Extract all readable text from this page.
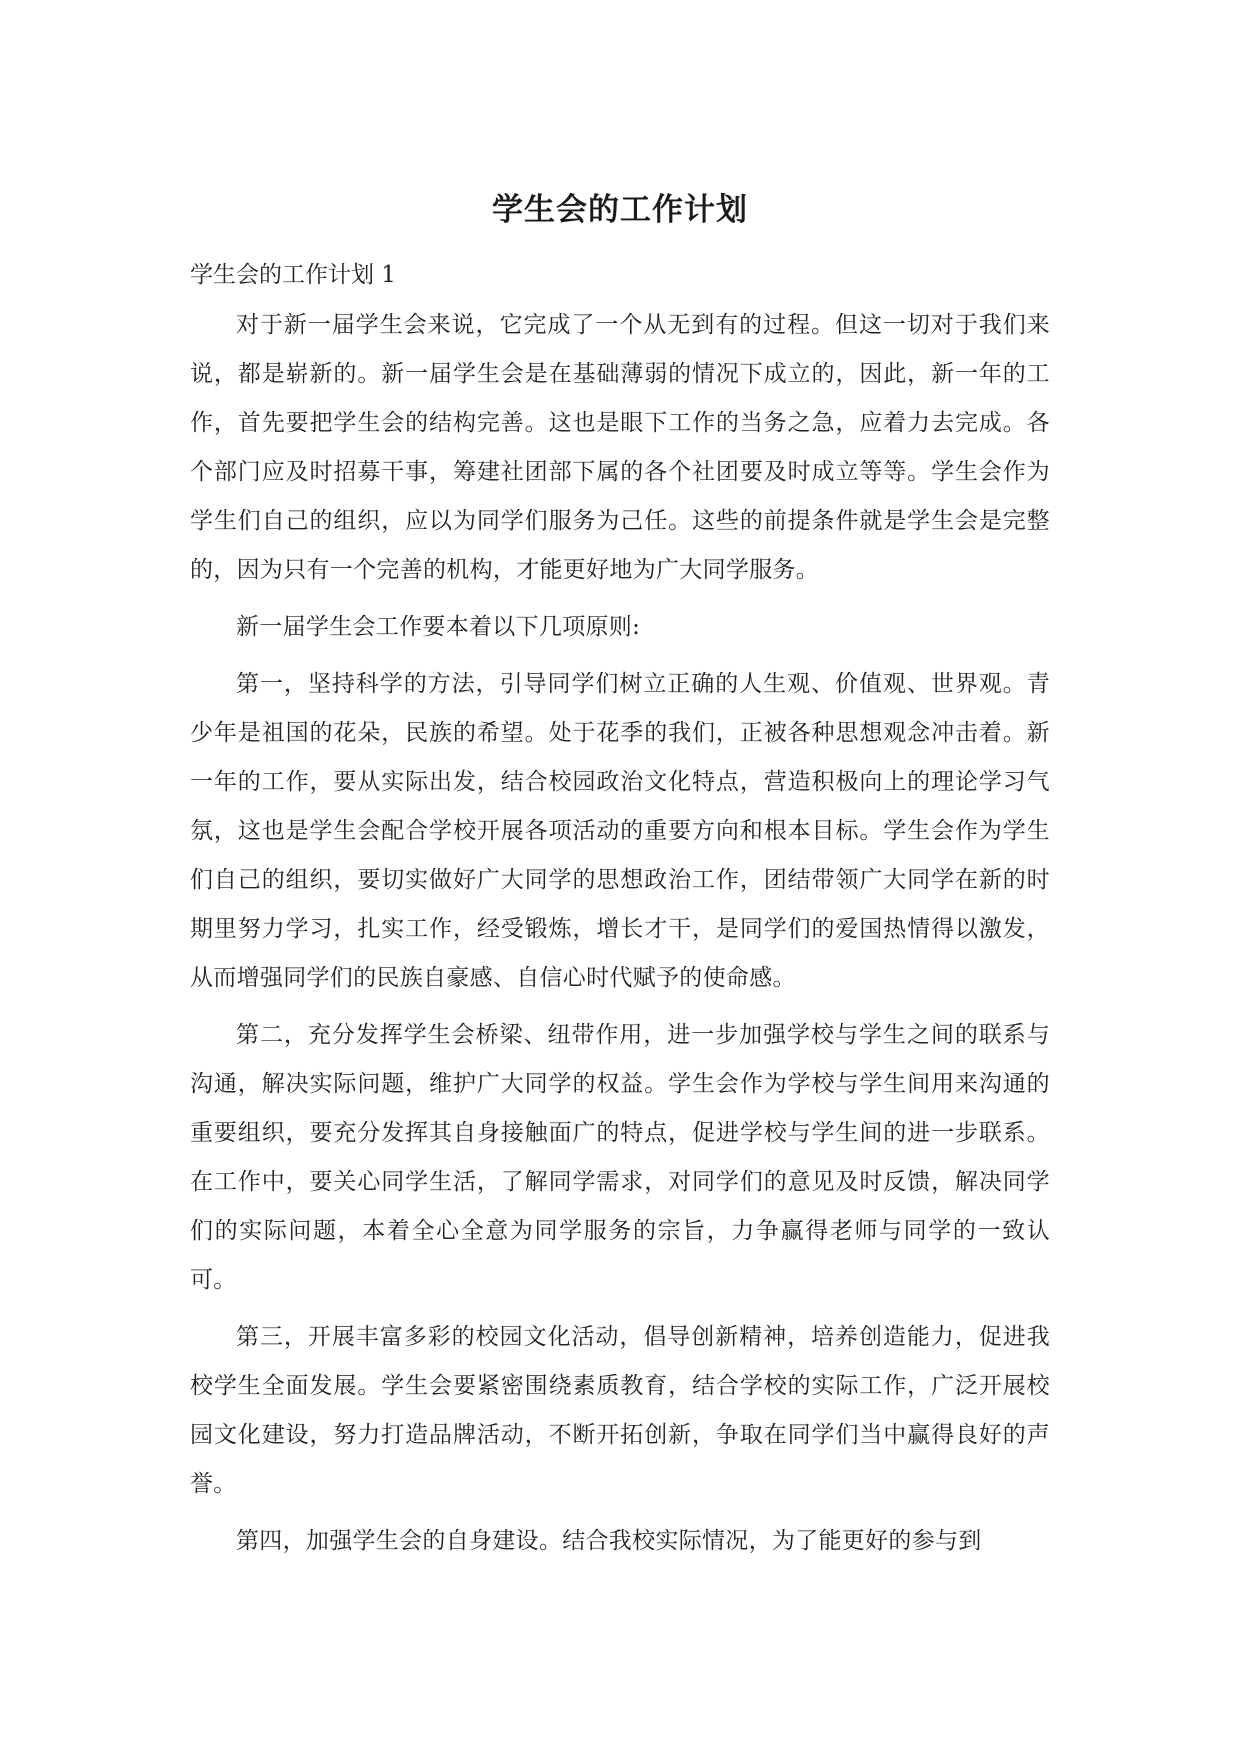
学生会的工作计划
学生会的工作计划 1

对于新一届学生会来说，它完成了一个从无到有的过程。但这一切对于我们来说，都是崭新的。新一届学生会是在基础薄弱的情况下成立的，因此，新一年的工作，首先要把学生会的结构完善。这也是眼下工作的当务之急，应着力去完成。各个部门应及时招募干事，筹建社团部下属的各个社团要及时成立等等。学生会作为学生们自己的组织，应以为同学们服务为己任。这些的前提条件就是学生会是完整的，因为只有一个完善的机构，才能更好地为广大同学服务。

新一届学生会工作要本着以下几项原则:

第一，坚持科学的方法，引导同学们树立正确的人生观、价值观、世界观。青少年是祖国的花朵，民族的希望。处于花季的我们，正被各种思想观念冲击着。新一年的工作，要从实际出发，结合校园政治文化特点，营造积极向上的理论学习气氛，这也是学生会配合学校开展各项活动的重要方向和根本目标。学生会作为学生们自己的组织，要切实做好广大同学的思想政治工作，团结带领广大同学在新的时期里努力学习，扎实工作，经受锻炼，增长才干，是同学们的爱国热情得以激发，从而增强同学们的民族自豪感、自信心时代赋予的使命感。

第二，充分发挥学生会桥梁、纽带作用，进一步加强学校与学生之间的联系与沟通，解决实际问题，维护广大同学的权益。学生会作为学校与学生间用来沟通的重要组织，要充分发挥其自身接触面广的特点，促进学校与学生间的进一步联系。在工作中，要关心同学生活，了解同学需求，对同学们的意见及时反馈，解决同学们的实际问题，本着全心全意为同学服务的宗旨，力争赢得老师与同学的一致认可。

第三，开展丰富多彩的校园文化活动，倡导创新精神，培养创造能力，促进我校学生全面发展。学生会要紧密围绕素质教育，结合学校的实际工作，广泛开展校园文化建设，努力打造品牌活动，不断开拓创新，争取在同学们当中赢得良好的声誉。

第四，加强学生会的自身建设。结合我校实际情况，为了能更好的参与到
